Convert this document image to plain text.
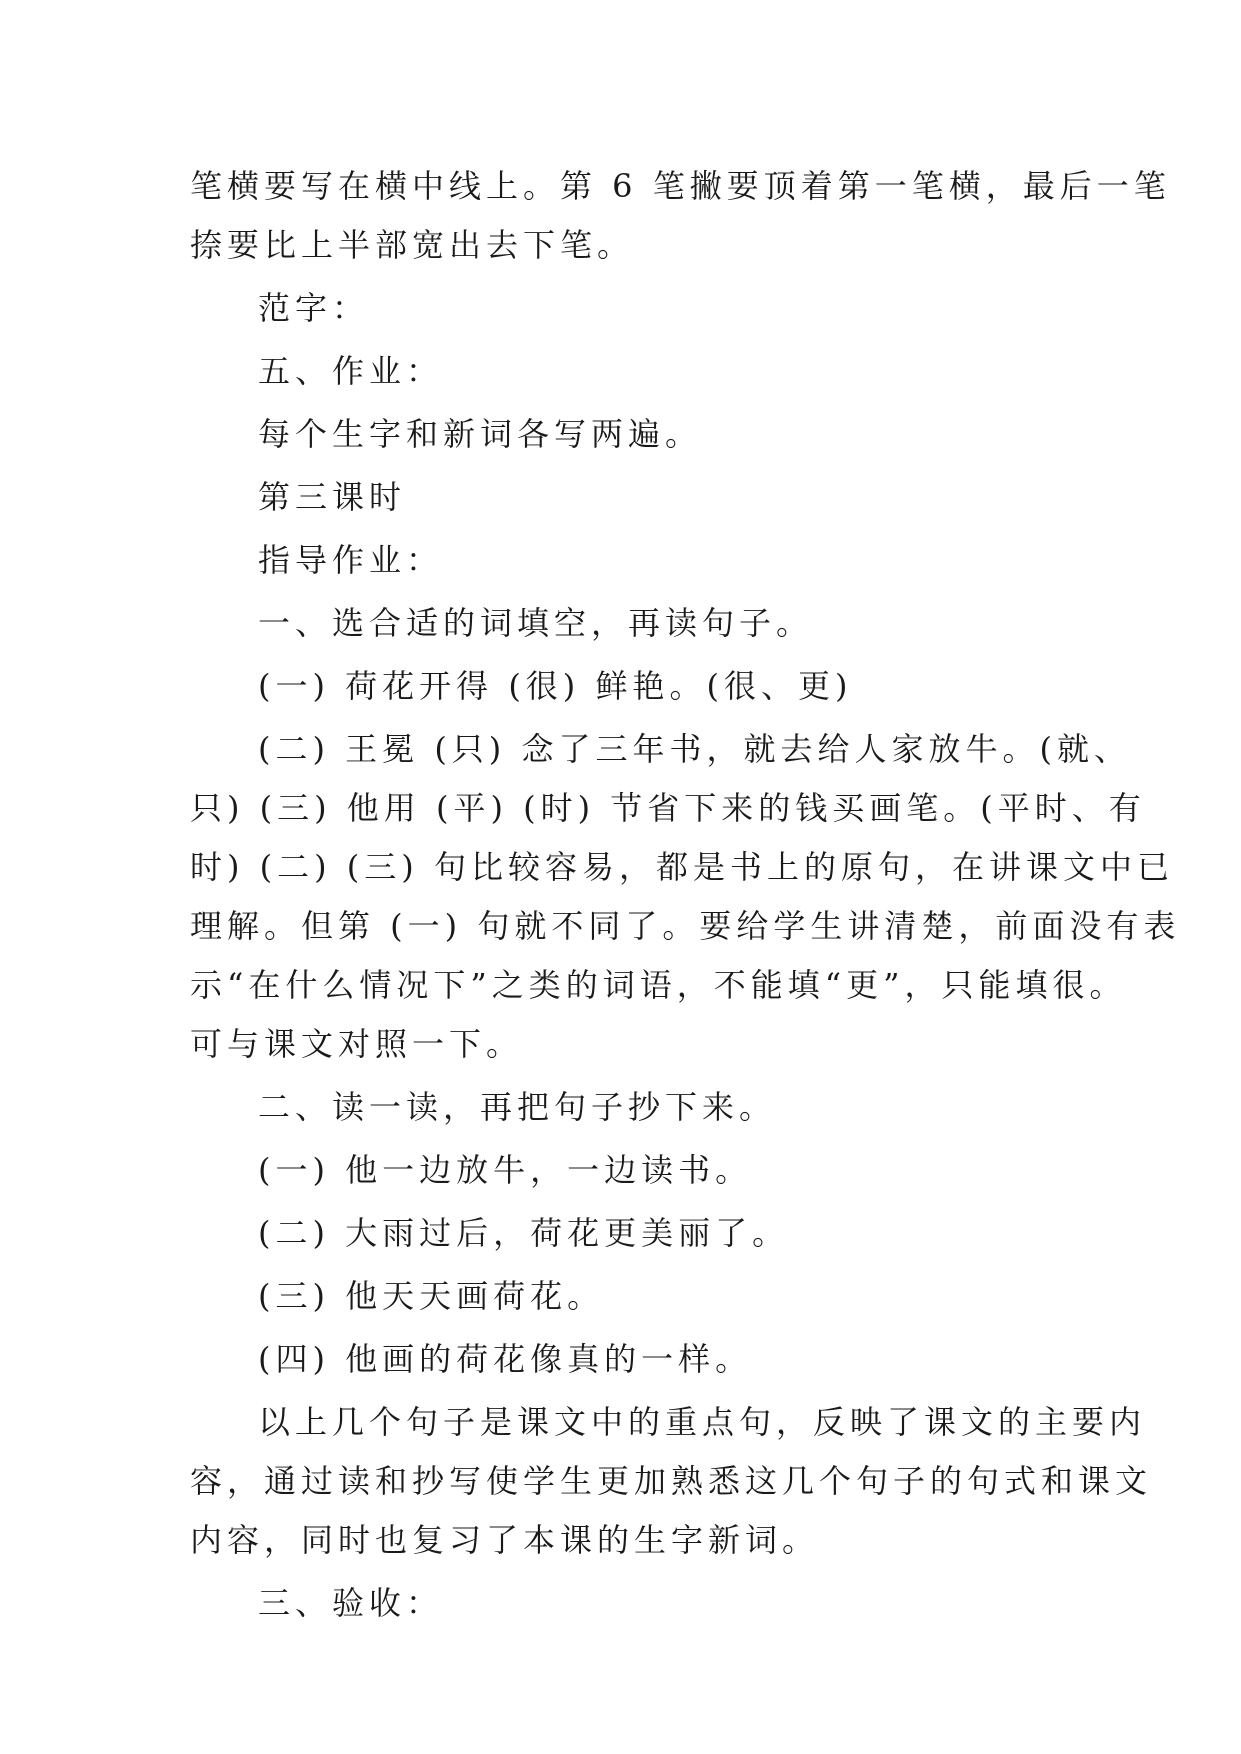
笔横要写在横中线上。第 6 笔撇要顶着第一笔横，最后一笔

捺要比上半部宽出去下笔。

范字：

五、作业：

每个生字和新词各写两遍。

第三课时

指导作业：

一、选合适的词填空，再读句子。

(一) 荷花开得 (很) 鲜艳。(很、更)

(二) 王冕 (只) 念了三年书，就去给人家放牛。(就、

只) (三) 他用 (平) (时) 节省下来的钱买画笔。(平时、有

时) (二) (三) 句比较容易，都是书上的原句，在讲课文中已

理解。但第 (一) 句就不同了。要给学生讲清楚，前面没有表

示“在什么情况下”之类的词语，不能填“更”，只能填很。

可与课文对照一下。

二、读一读，再把句子抄下来。

(一) 他一边放牛，一边读书。

(二) 大雨过后，荷花更美丽了。

(三) 他天天画荷花。

(四) 他画的荷花像真的一样。

以上几个句子是课文中的重点句，反映了课文的主要内

容，通过读和抄写使学生更加熟悉这几个句子的句式和课文

内容，同时也复习了本课的生字新词。

三、验收：
